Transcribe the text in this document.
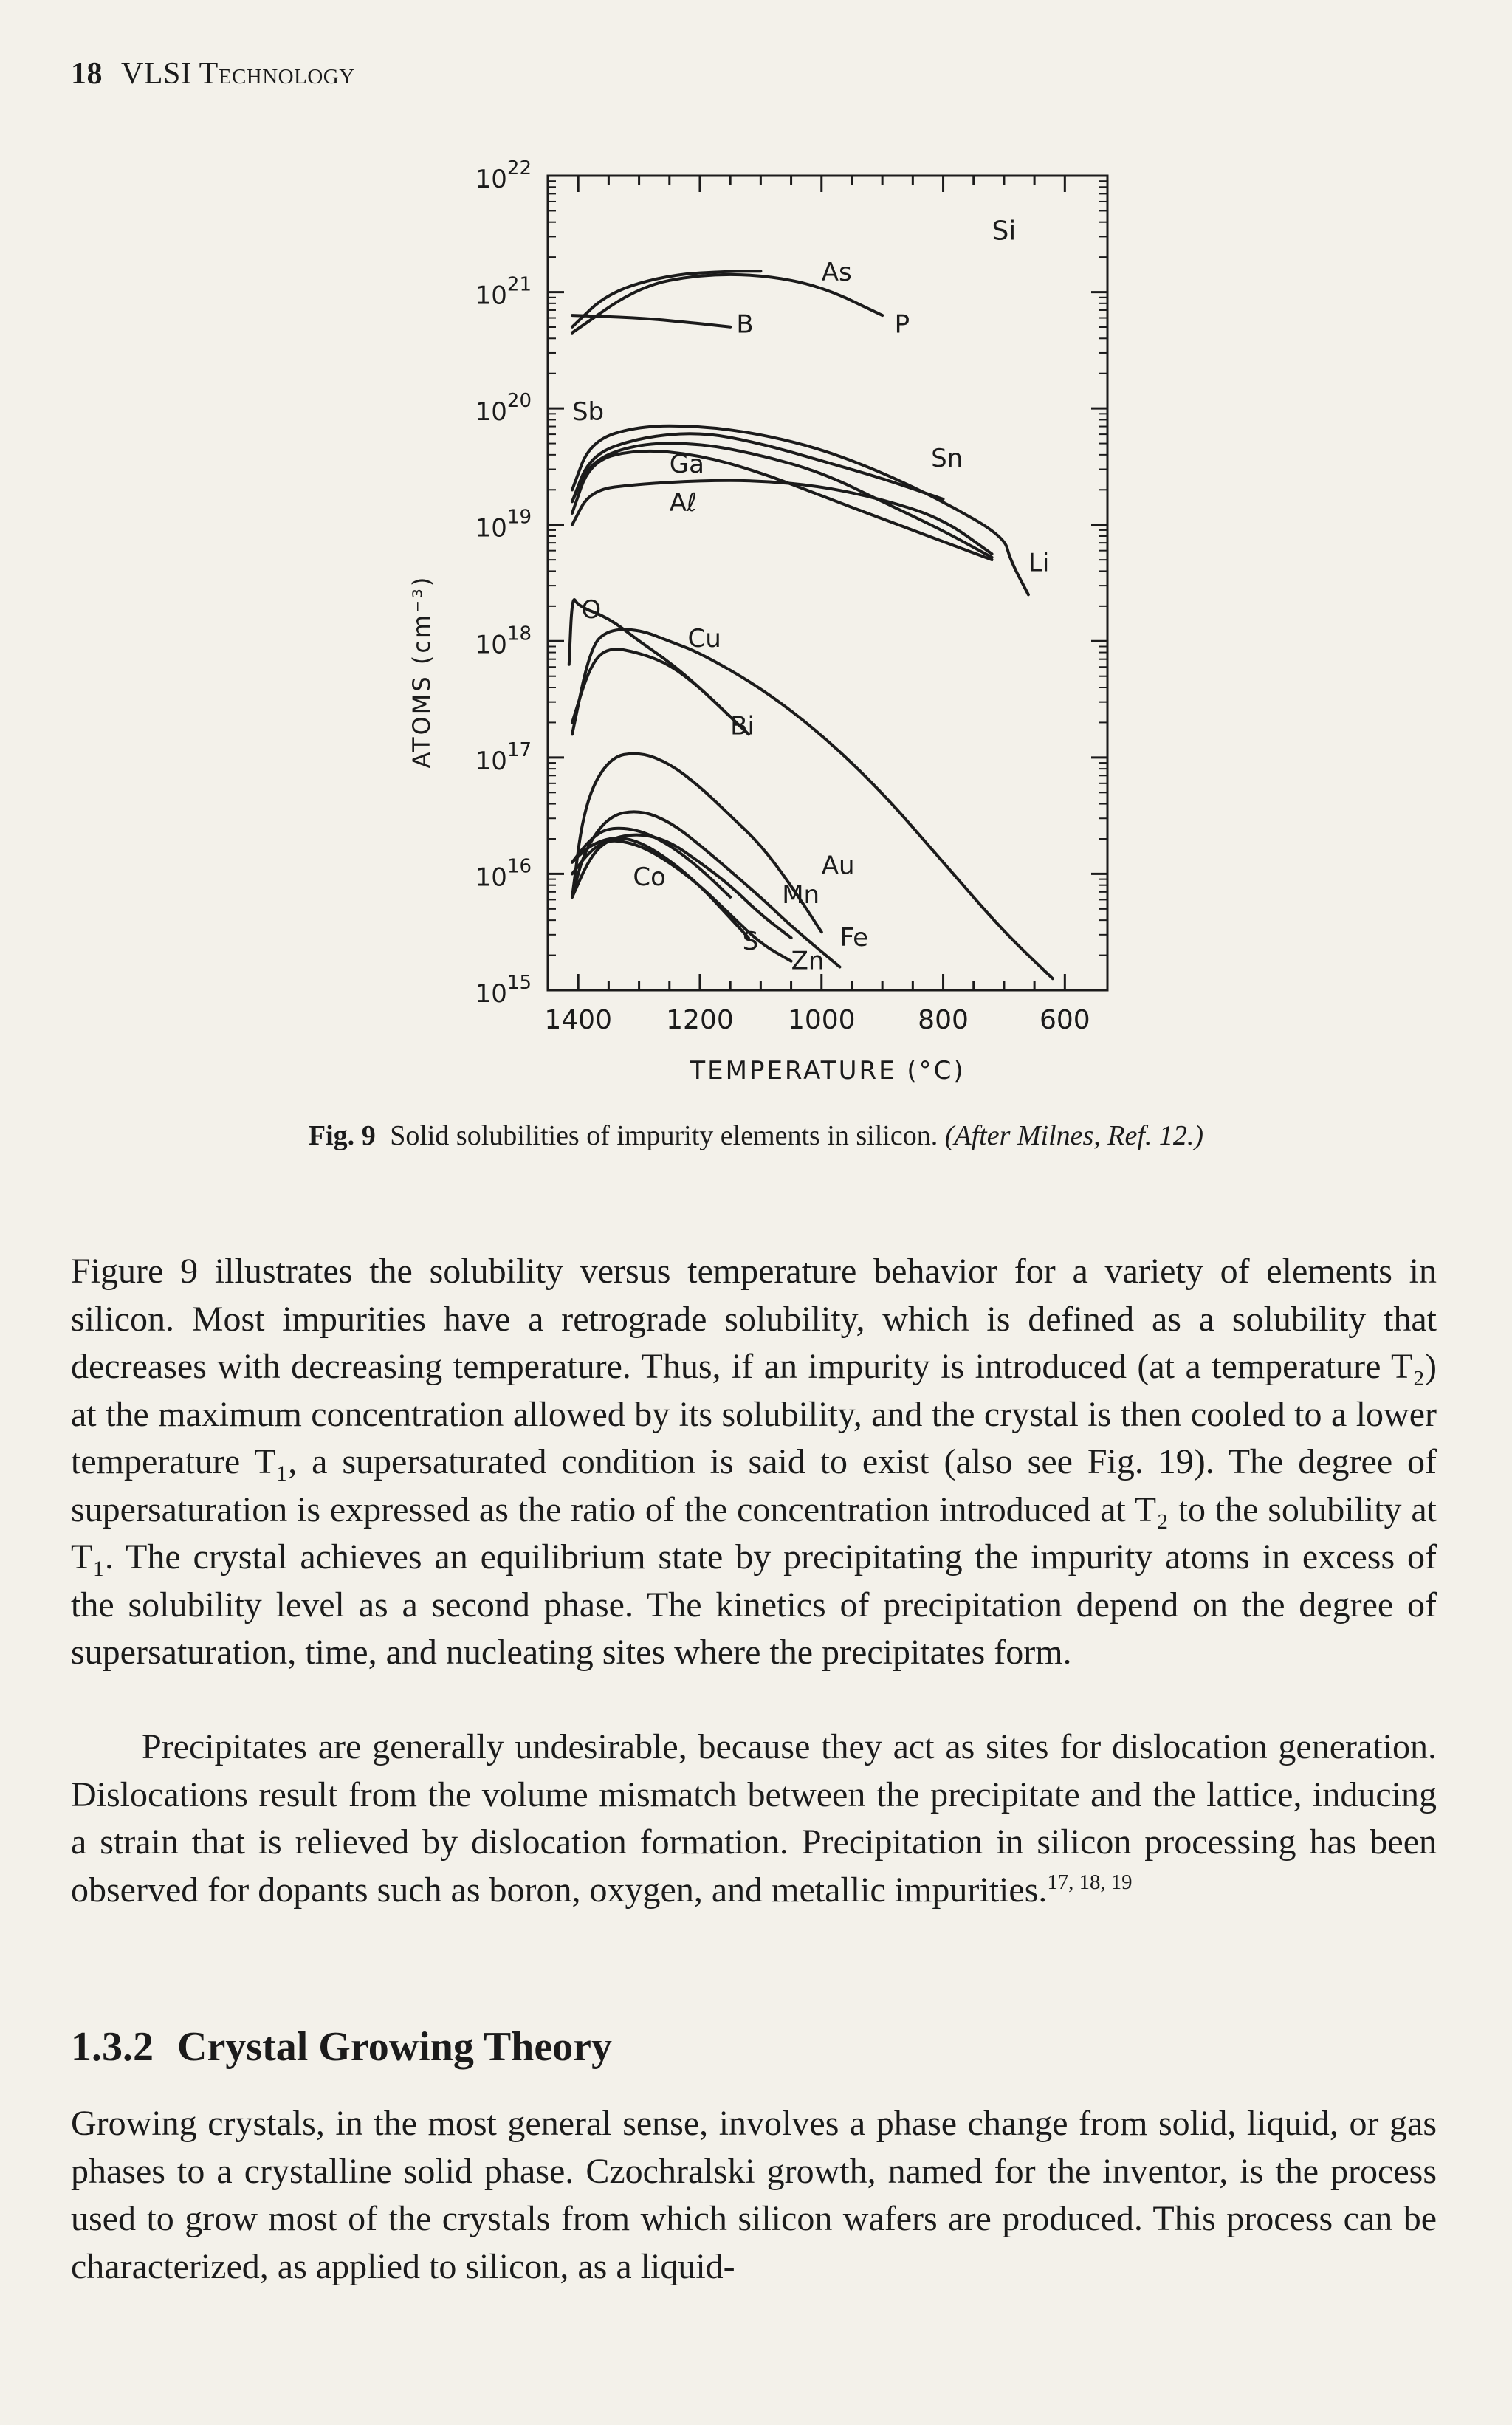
18 VLSI Technology
$10^{15}$
$10^{16}$
$10^{17}$
$10^{18}$
$10^{19}$
$10^{20}$
$10^{21}$
$10^{22}$
1400 1200 1000 800	600
TEMPERATURE (°C)
ATOMS (cm⁻³)
Si
As
P
B
Sb
Li
Sn
Ga
Aℓ
O
Cu
Bi
Au
Fe
Mn
Co
S
Zn
Fig. 9 Solid solubilities of impurity elements in silicon. (After Milnes, Ref. 12.)

Figure 9 illustrates the solubility versus temperature behavior for a variety of elements in silicon. Most impurities have a retrograde solubility, which is defined as a solubility that decreases with decreasing temperature. Thus, if an impurity is introduced (at a temperature T₂) at the maximum concentration allowed by its solubility, and the crystal is then cooled to a lower temperature T₁, a supersaturated condition is said to exist (also see Fig. 19). The degree of supersaturation is expressed as the ratio of the concentration introduced at T₂ to the solubility at T₁. The crystal achieves an equilibrium state by precipitating the impurity atoms in excess of the solubility level as a second phase. The kinetics of precipitation depend on the degree of supersaturation, time, and nucleating sites where the precipitates form.

Precipitates are generally undesirable, because they act as sites for dislocation generation. Dislocations result from the volume mismatch between the precipitate and the lattice, inducing a strain that is relieved by dislocation formation. Precipitation in silicon processing has been observed for dopants such as boron, oxygen, and metallic impurities.$^{17, 18, 19}$

1.3.2 Crystal Growing Theory

Growing crystals, in the most general sense, involves a phase change from solid, liquid, or gas phases to a crystalline solid phase. Czochralski growth, named for the inventor, is the process used to grow most of the crystals from which silicon wafers are produced. This process can be characterized, as applied to silicon, as a liquid-
